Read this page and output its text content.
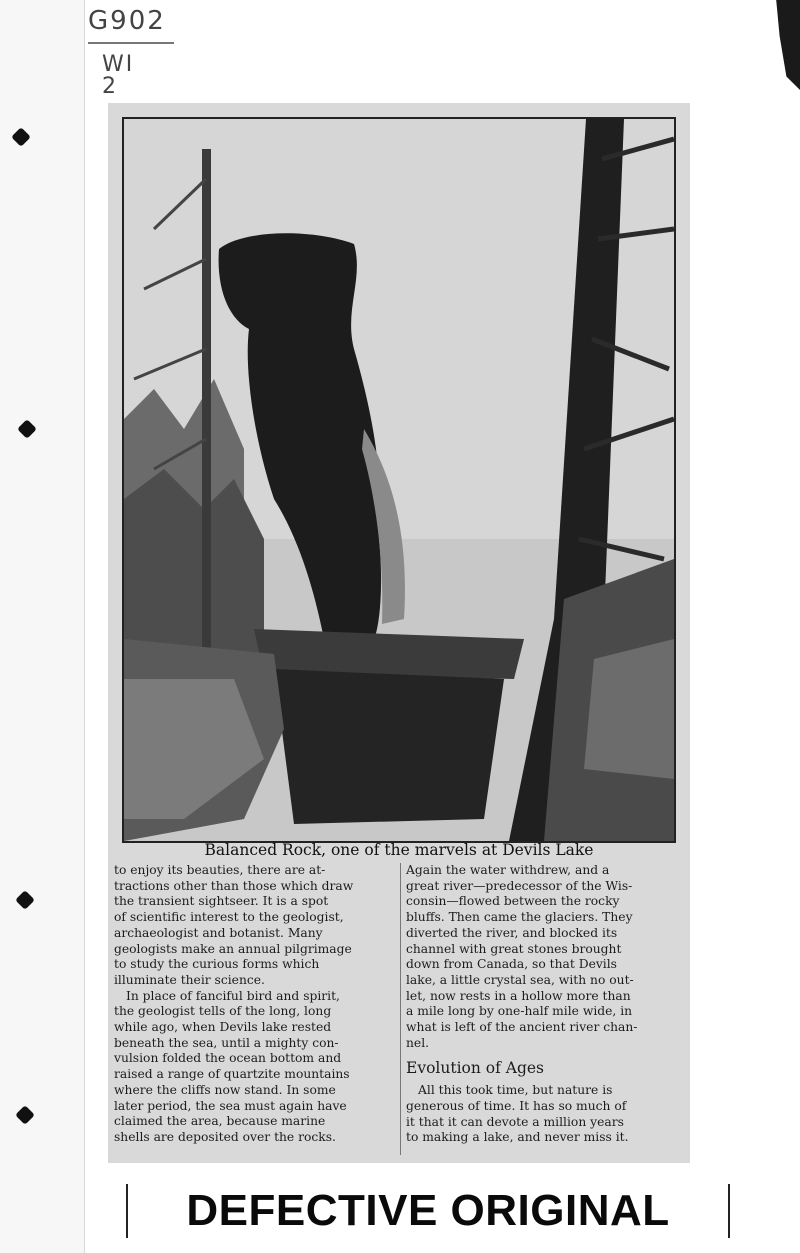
G902
WI
2
Balanced Rock, one of the marvels at Devils Lake

to enjoy its beauties, there are at-
tractions other than those which draw
the transient sightseer. It is a spot
of scientific interest to the geologist,
archaeologist and botanist. Many
geologists make an annual pilgrimage
to study the curious forms which
illuminate their science.

In place of fanciful bird and spirit,
the geologist tells of the long, long
while ago, when Devils lake rested
beneath the sea, until a mighty con-
vulsion folded the ocean bottom and
raised a range of quartzite mountains
where the cliffs now stand. In some
later period, the sea must again have
claimed the area, because marine
shells are deposited over the rocks.

Again the water withdrew, and a
great river—predecessor of the Wis-
consin—flowed between the rocky
bluffs. Then came the glaciers. They
diverted the river, and blocked its
channel with great stones brought
down from Canada, so that Devils
lake, a little crystal sea, with no out-
let, now rests in a hollow more than
a mile long by one-half mile wide, in
what is left of the ancient river chan-
nel.

Evolution of Ages

All this took time, but nature is
generous of time. It has so much of
it that it can devote a million years
to making a lake, and never miss it.

DEFECTIVE ORIGINAL
